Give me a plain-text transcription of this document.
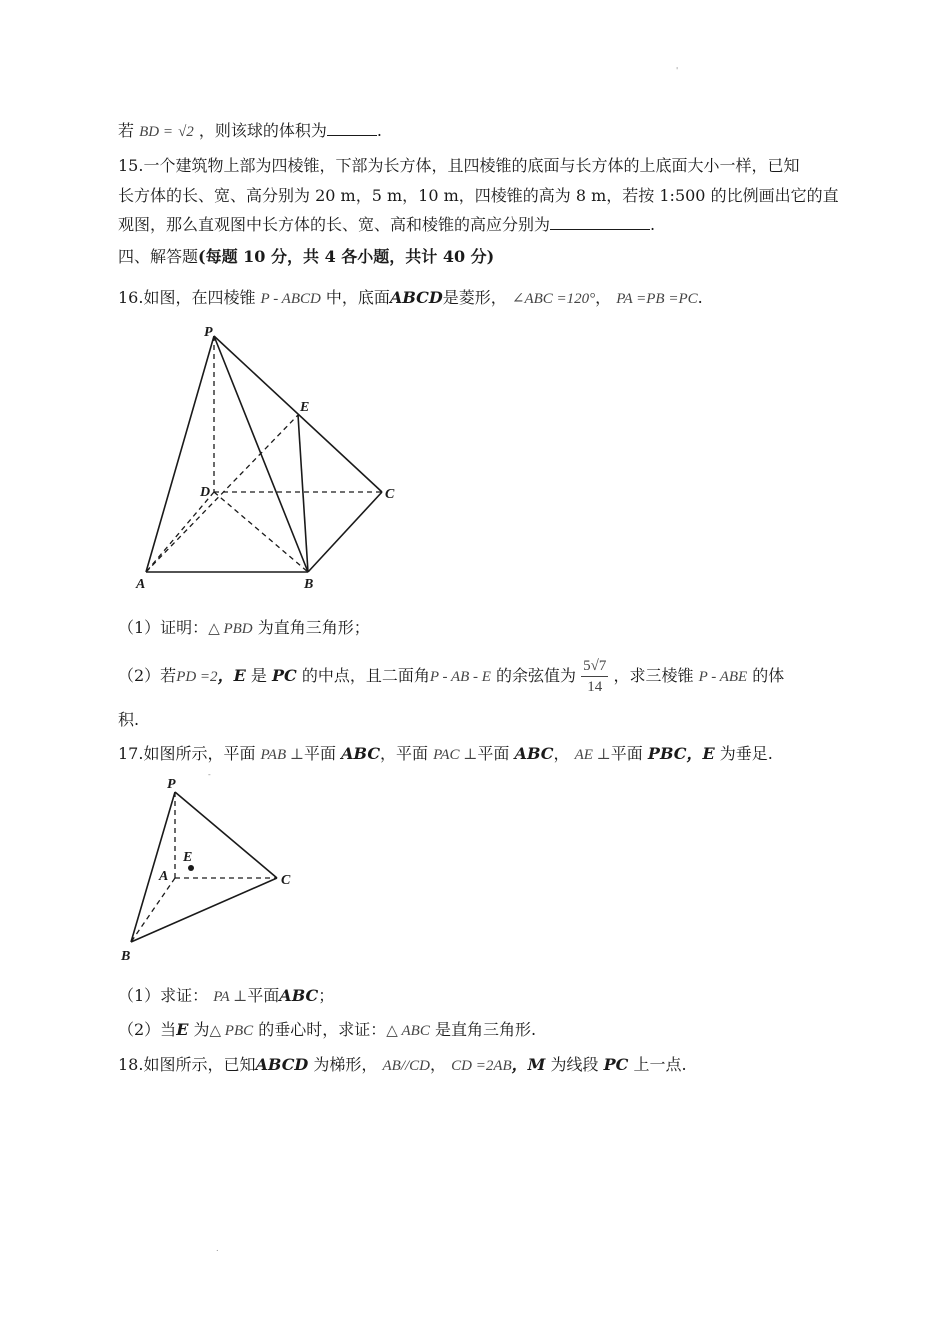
'
.
若 BD = √2 ，则该球的体积为	.
15.一个建筑物上部为四棱锥，下部为长方体，且四棱锥的底面与长方体的上底面大小一样，已知
长方体的长、宽、高分别为 20 m，5 m，10 m，四棱锥的高为 8 m，若按 1:500 的比例画出它的直
观图，那么直观图中长方体的长、宽、高和棱锥的高应分别为	.
四、解答题(每题 10 分，共 4 各小题，共计 40 分)
16.如图，在四棱锥 P - ABCD 中，底面ABCD是菱形， ∠ABC =120°， PA =PB =PC.
P
E
D	C
A	B
（1）证明：△ PBD 为直角三角形；
（2）若PD =2，E 是 PC 的中点，且二面角P - AB - E 的余弦值为 $\frac{5√7}{14}$ ，求三棱锥 P - ABE 的体
积.
17.如图所示，平面 PAB ⊥平面 ABC，平面 PAC ⊥平面 ABC， AE ⊥平面 PBC，E 为垂足.
P
E
A	C
B
-
（1）求证： PA ⊥平面ABC；
（2）当E 为△ PBC 的垂心时，求证：△ ABC 是直角三角形.
18.如图所示，已知ABCD 为梯形， AB//CD， CD =2AB，M 为线段 PC 上一点.
